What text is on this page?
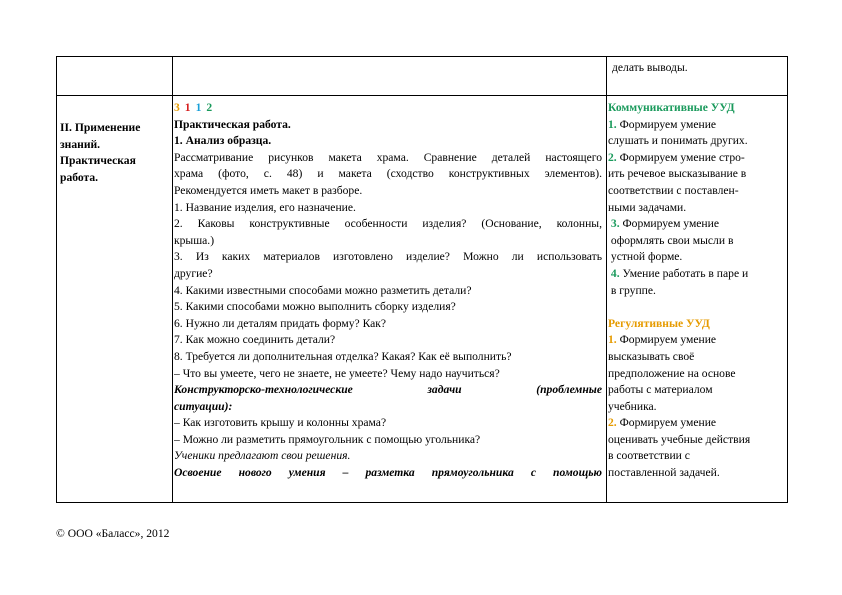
делать выводы.
II. Применение
знаний.
Практическая
работа.
3 1 1 2
Практическая работа.
1. Анализ образца.
Рассматривание рисунков макета храма. Сравнение деталей настоящего
храма (фото, с. 48) и макета (сходство конструктивных элементов).
Рекомендуется иметь макет в разборе.
1. Название изделия, его назначение.
2. Каковы конструктивные особенности изделия? (Основание, колонны,
крыша.)
3. Из каких материалов изготовлено изделие? Можно ли использовать
другие?
4. Какими известными способами можно разметить детали?
5. Какими способами можно выполнить сборку изделия?
6. Нужно ли деталям придать форму? Как?
7. Как можно соединить детали?
8. Требуется ли дополнительная отделка? Какая? Как её выполнить?
– Что вы умеете, чего не знаете, не умеете? Чему надо научиться?
Конструкторско-технологические задачи (проблемные
ситуации):
– Как изготовить крышу и колонны храма?
– Можно ли разметить прямоугольник с помощью угольника?
Ученики предлагают свои решения.
Освоение нового умения – разметка прямоугольника с помощью
Коммуникативные УУД
1. Формируем умение
слушать и понимать других.
2. Формируем умение стро-
ить речевое высказывание в
соответствии с поставлен-
ными задачами.
3. Формируем умение
оформлять свои мысли в
устной форме.
4. Умение работать в паре и
в группе.
Регулятивные УУД
1. Формируем умение
высказывать своё
предположение на основе
работы с материалом
учебника.
2. Формируем умение
оценивать учебные действия
в соответствии с
поставленной задачей.
© ООО «Баласс», 2012
